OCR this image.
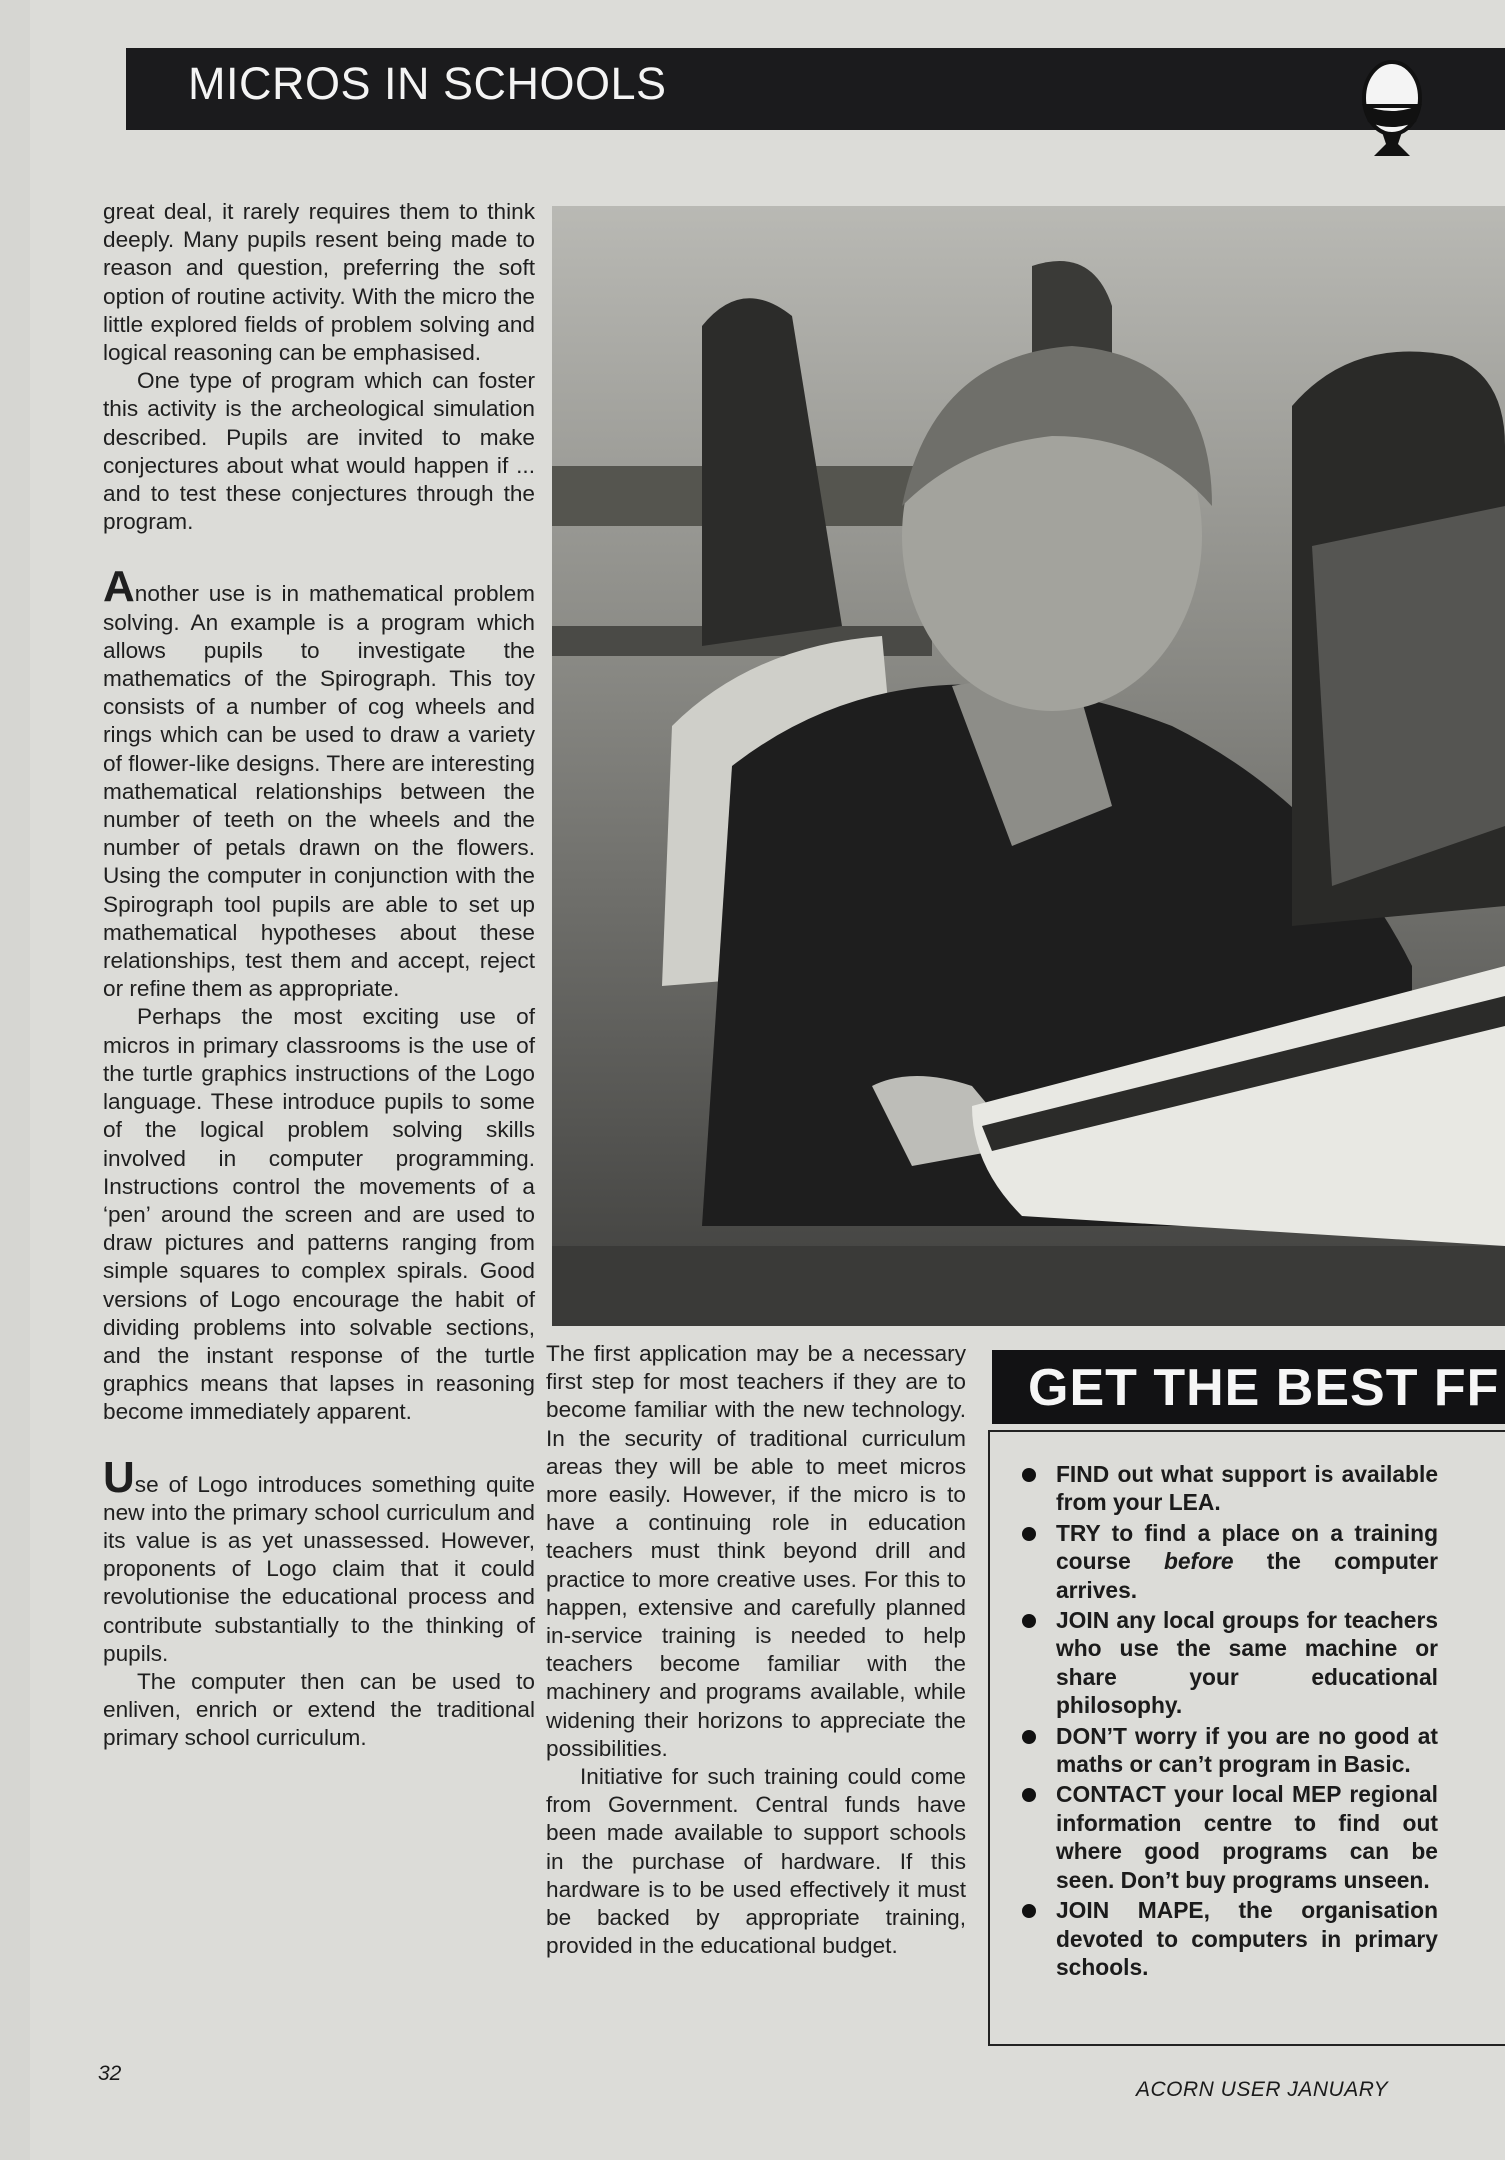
MICROS IN SCHOOLS

great deal, it rarely requires them to think deeply. Many pupils resent being made to reason and question, preferring the soft option of routine activity. With the micro the little explored fields of problem solving and logical reasoning can be emphasised.

One type of program which can foster this activity is the archeological simulation described. Pupils are invited to make conjectures about what would happen if ... and to test these conjectures through the program.

Another use is in mathematical problem solving. An example is a program which allows pupils to investigate the mathematics of the Spirograph. This toy consists of a number of cog wheels and rings which can be used to draw a variety of flower-like designs. There are interesting mathematical relationships between the number of teeth on the wheels and the number of petals drawn on the flowers. Using the computer in conjunction with the Spirograph tool pupils are able to set up mathematical hypotheses about these relationships, test them and accept, reject or refine them as appropriate.

Perhaps the most exciting use of micros in primary classrooms is the use of the turtle graphics instructions of the Logo language. These introduce pupils to some of the logical problem solving skills involved in computer programming. Instructions control the movements of a ‘pen’ around the screen and are used to draw pictures and patterns ranging from simple squares to complex spirals. Good versions of Logo encourage the habit of dividing problems into solvable sections, and the instant response of the turtle graphics means that lapses in reasoning become immediately apparent.

Use of Logo introduces something quite new into the primary school curriculum and its value is as yet unassessed. However, proponents of Logo claim that it could revolutionise the educational process and contribute substantially to the thinking of pupils.

The computer then can be used to enliven, enrich or extend the traditional primary school curriculum.

The first application may be a necessary first step for most teachers if they are to become familiar with the new technology. In the security of traditional curriculum areas they will be able to meet micros more easily. However, if the micro is to have a continuing role in education teachers must think beyond drill and practice to more creative uses. For this to happen, extensive and carefully planned in-service training is needed to help teachers become familiar with the machinery and programs available, while widening their horizons to appreciate the possibilities.

Initiative for such training could come from Government. Central funds have been made available to support schools in the purchase of hardware. If this hardware is to be used effectively it must be backed by appropriate training, provided in the educational budget.

GET THE BEST FF
FIND out what support is available from your LEA.
TRY to find a place on a training course before the computer arrives.
JOIN any local groups for teachers who use the same machine or share your educational philosophy.
DON’T worry if you are no good at maths or can’t program in Basic.
CONTACT your local MEP regional information centre to find out where good programs can be seen. Don’t buy programs unseen.
JOIN MAPE, the organisation devoted to computers in primary schools.
32
ACORN USER JANUARY
